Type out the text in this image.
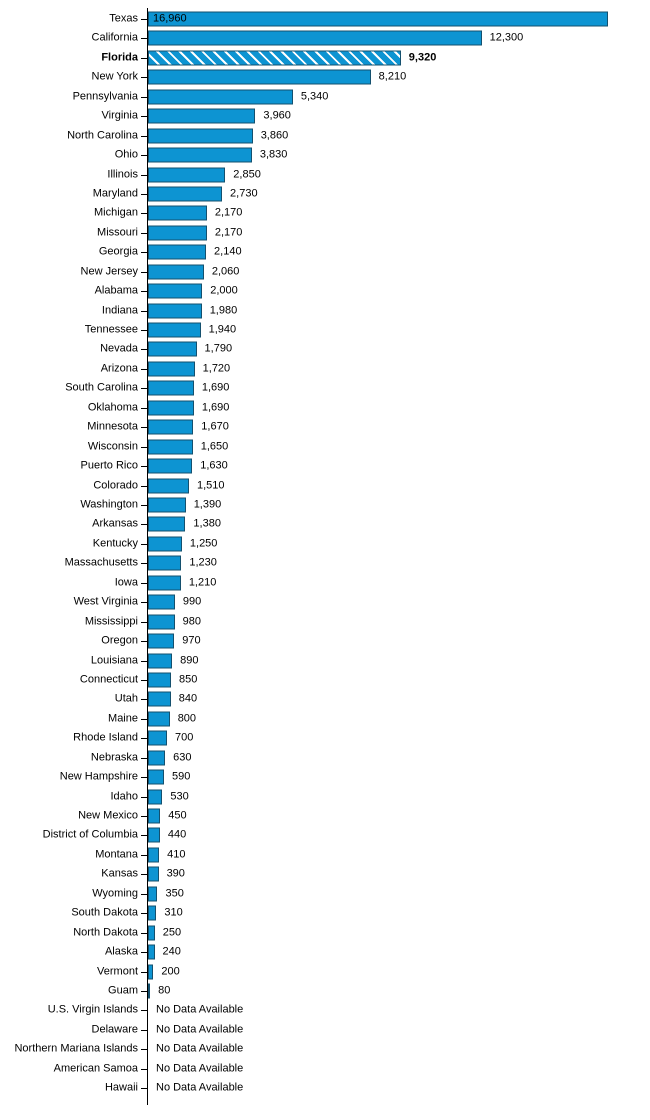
Texas 16,960
California	12,300
Florida	9,320
New York	8,210
Pennsylvania	5,340
Virginia	3,960
North Carolina	3,860
Ohio	3,830
Illinois	2,850
Maryland	2,730
Michigan	2,170
Missouri	2,170
Georgia	2,140
New Jersey	2,060
Alabama	2,000
Indiana	1,980
Tennessee	1,940
Nevada	1,790
Arizona	1,720
South Carolina	1,690
Oklahoma	1,690
Minnesota	1,670
Wisconsin	1,650
Puerto Rico	1,630
Colorado	1,510
Washington	1,390
Arkansas	1,380
Kentucky	1,250
Massachusetts	1,230
Iowa	1,210
West Virginia	990
Mississippi	980
Oregon	970
Louisiana	890
Connecticut	850
Utah	840
Maine	800
Rhode Island	700
Nebraska	630
New Hampshire	590
Idaho	530
New Mexico	450
District of Columbia	440
Montana	410
Kansas	390
Wyoming 350
South Dakota 310
North Dakota 250
Alaska 240
Vermont 200
Guam 80
U.S. Virgin Islands No Data Available
Delaware No Data Available
Northern Mariana Islands No Data Available
American Samoa No Data Available
Hawaii No Data Available
